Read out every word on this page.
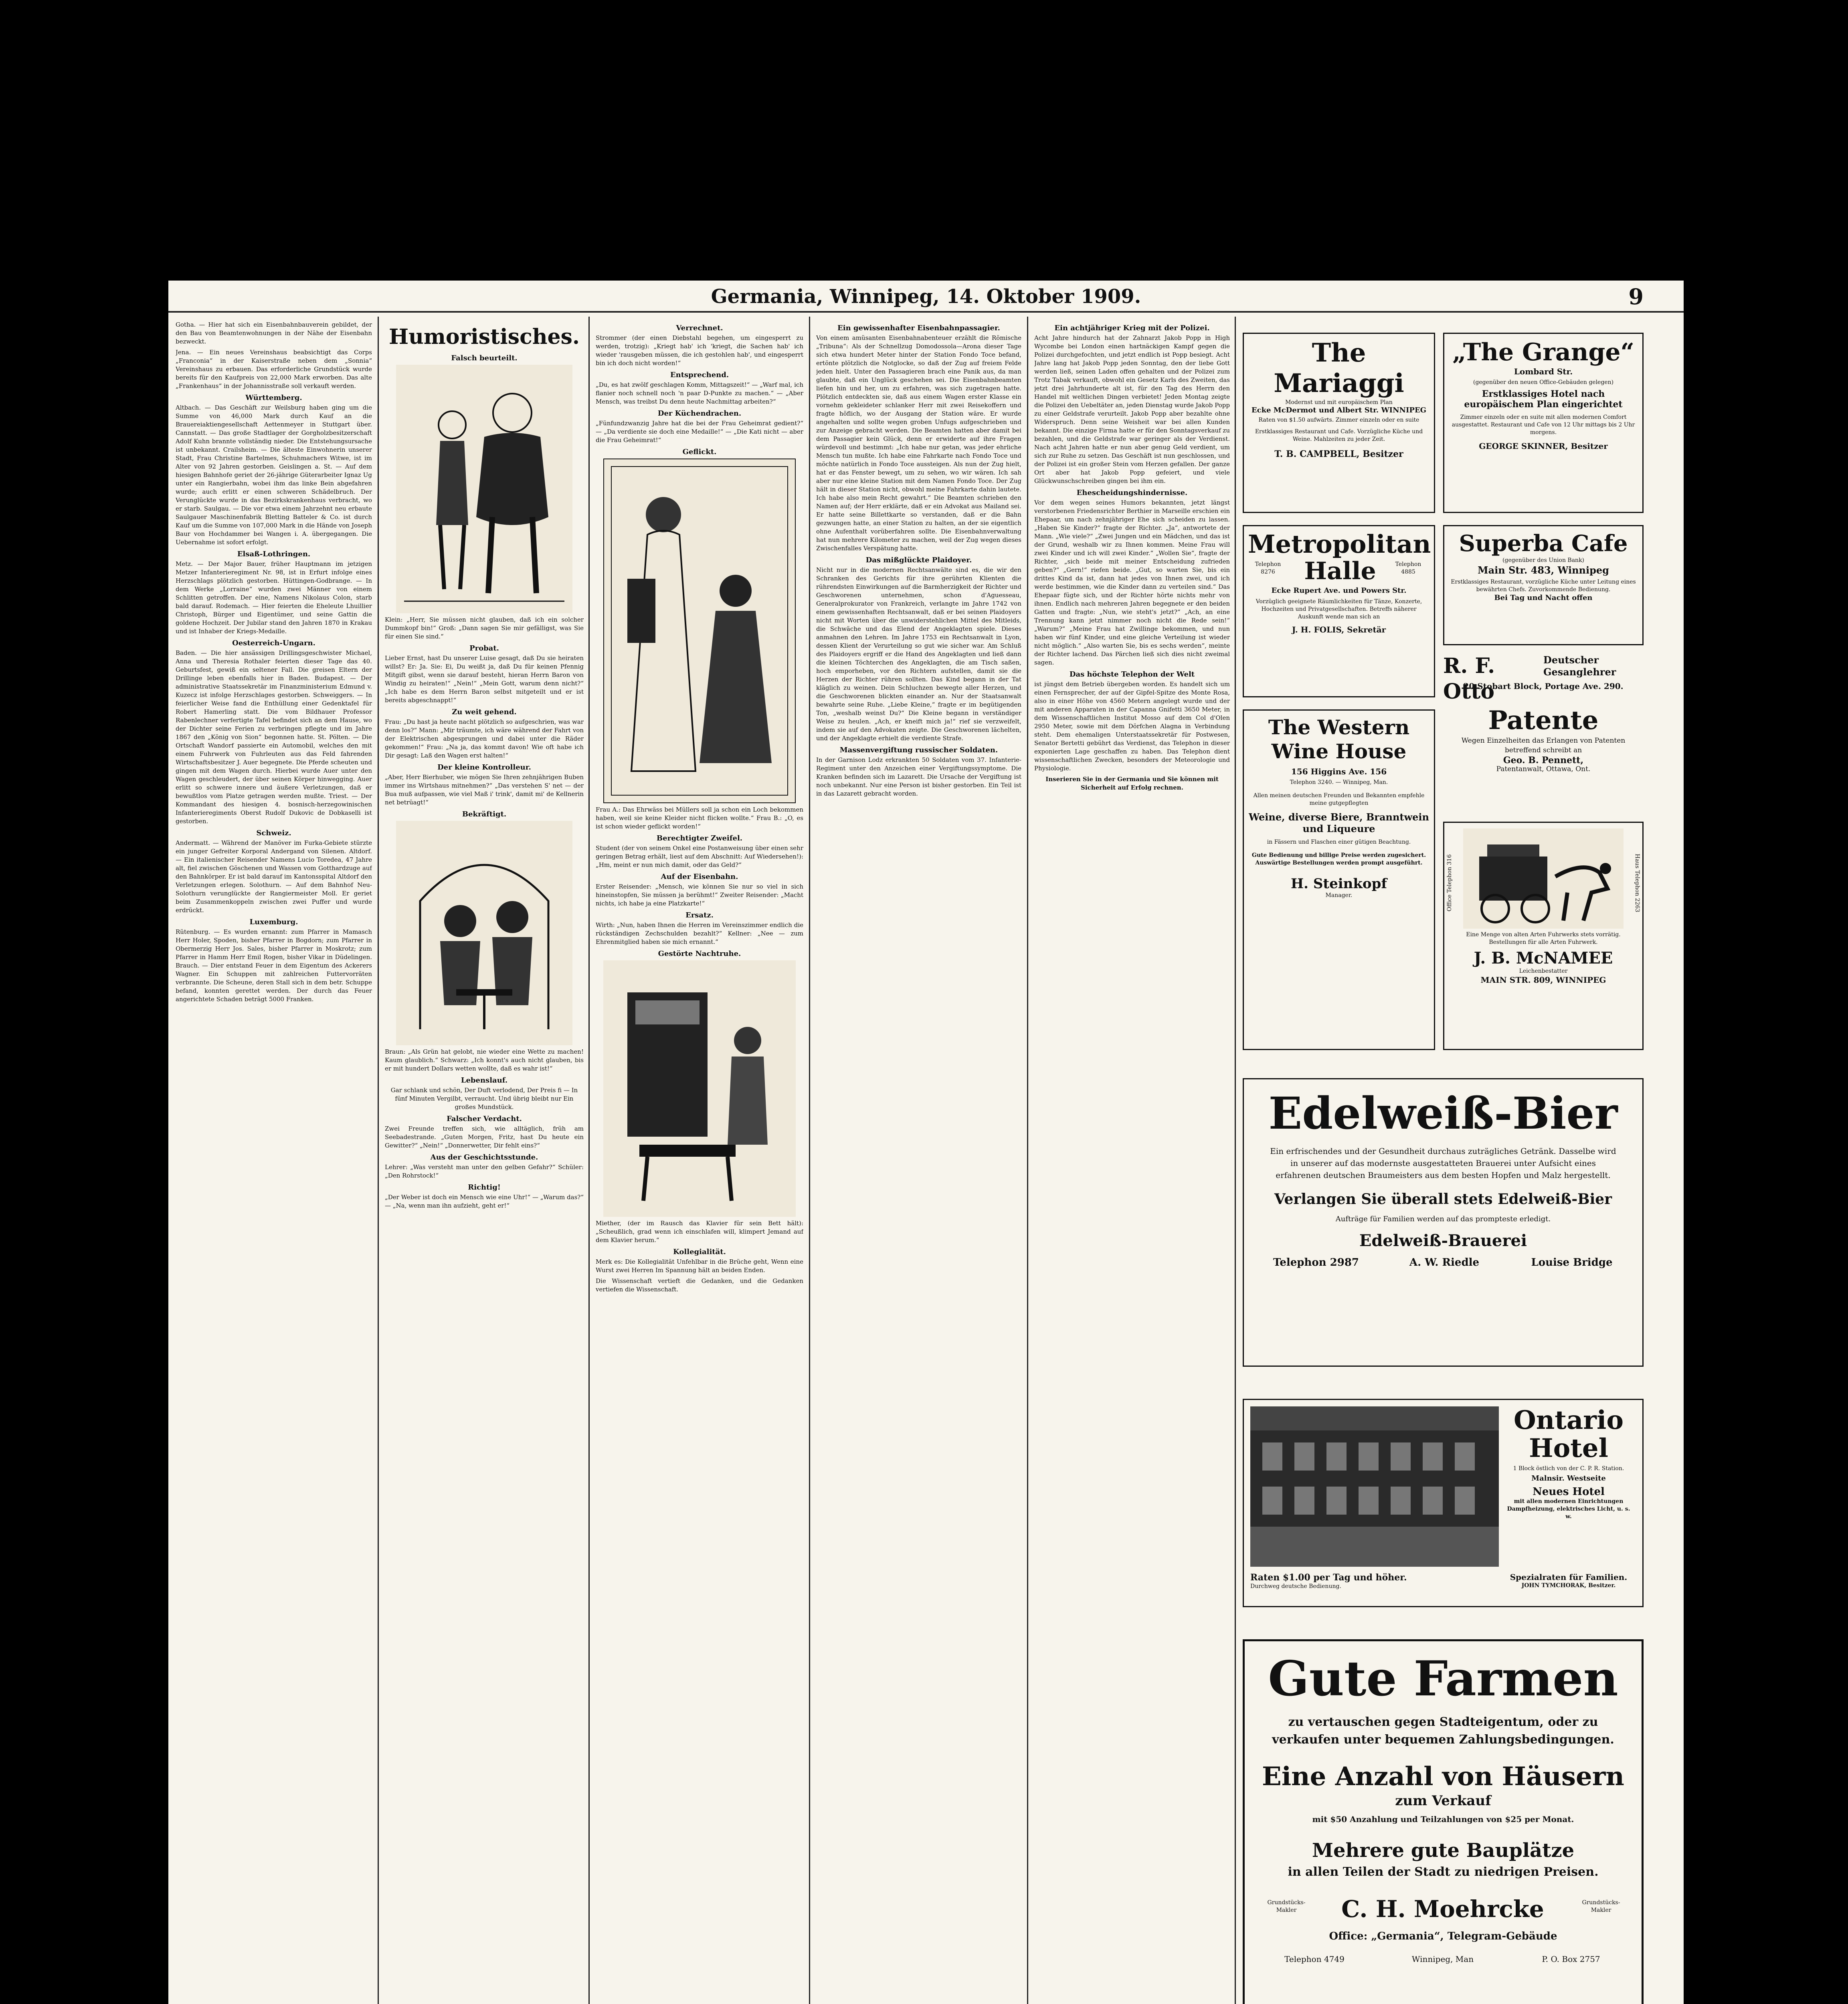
Germania, Winnipeg, 14. Oktober 1909.	9

Gotha. — Hier hat sich ein Eisenbahnbauverein gebildet, der den Bau von Beamtenwohnungen in der Nähe der Eisenbahn bezweckt.

Jena. — Ein neues Vereinshaus beabsichtigt das Corps „Franconia“ in der Kaiserstraße neben dem „Sonnia“ Vereinshaus zu erbauen. Das erforderliche Grundstück wurde bereits für den Kaufpreis von 22,000 Mark erworben. Das alte „Frankenhaus“ in der Johannisstraße soll verkauft werden.

Württemberg.

Altbach. — Das Geschäft zur Weilsburg haben ging um die Summe von 46,000 Mark durch Kauf an die Brauereiaktiengesellschaft Aettenmeyer in Stuttgart über. Cannstatt. — Das große Stadtlager der Gorgholzbesitzerschaft Adolf Kuhn brannte vollständig nieder. Die Entstehungsursache ist unbekannt. Crailsheim. — Die älteste Einwohnerin unserer Stadt, Frau Christine Bartelmes, Schuhmachers Witwe, ist im Alter von 92 Jahren gestorben. Geislingen a. St. — Auf dem hiesigen Bahnhofe geriet der 26-jährige Güterarbeiter Ignaz Ug unter ein Rangierbahn, wobei ihm das linke Bein abgefahren wurde; auch erlitt er einen schweren Schädelbruch. Der Verunglückte wurde in das Bezirkskrankenhaus verbracht, wo er starb. Saulgau. — Die vor etwa einem Jahrzehnt neu erbaute Saulgauer Maschinenfabrik Bletting Batteler & Co. ist durch Kauf um die Summe von 107,000 Mark in die Hände von Joseph Baur von Hochdammer bei Wangen i. A. übergegangen. Die Uebernahme ist sofort erfolgt.

Elsaß-Lothringen.

Metz. — Der Major Bauer, früher Hauptmann im jetzigen Metzer Infanterieregiment Nr. 98, ist in Erfurt infolge eines Herzschlags plötzlich gestorben. Hüttingen-Godbrange. — In dem Werke „Lorraine“ wurden zwei Männer von einem Schlitten getroffen. Der eine, Namens Nikolaus Colon, starb bald darauf. Rodemach. — Hier feierten die Eheleute Lhuillier Christoph, Bürger und Eigentümer, und seine Gattin die goldene Hochzeit. Der Jubilar stand den Jahren 1870 in Krakau und ist Inhaber der Kriegs-Medaille.

Oesterreich-Ungarn.

Baden. — Die hier ansässigen Drillingsgeschwister Michael, Anna und Theresia Rothaler feierten dieser Tage das 40. Geburtsfest, gewiß ein seltener Fall. Die greisen Eltern der Drillinge leben ebenfalls hier in Baden. Budapest. — Der administrative Staatssekretär im Finanzministerium Edmund v. Kuzecz ist infolge Herzschlages gestorben. Schweiggers. — In feierlicher Weise fand die Enthüllung einer Gedenktafel für Robert Hamerling statt. Die vom Bildhauer Professor Rabenlechner verfertigte Tafel befindet sich an dem Hause, wo der Dichter seine Ferien zu verbringen pflegte und im Jahre 1867 den „König von Sion“ begonnen hatte. St. Pölten. — Die Ortschaft Wandorf passierte ein Automobil, welches den mit einem Fuhrwerk von Fuhrleuten aus das Feld fahrenden Wirtschaftsbesitzer J. Auer begegnete. Die Pferde scheuten und gingen mit dem Wagen durch. Hierbei wurde Auer unter den Wagen geschleudert, der über seinen Körper hinwegging. Auer erlitt so schwere innere und äußere Verletzungen, daß er bewußtlos vom Platze getragen werden mußte. Triest. — Der Kommandant des hiesigen 4. bosnisch-herzegowinischen Infanterieregiments Oberst Rudolf Dukovic de Dobkaselli ist gestorben.

Schweiz.

Andermatt. — Während der Manöver im Furka-Gebiete stürzte ein junger Gefreiter Korporal Andergand von Silenen. Altdorf. — Ein italienischer Reisender Namens Lucio Toredea, 47 Jahre alt, fiel zwischen Göschenen und Wassen vom Gotthardzuge auf den Bahnkörper. Er ist bald darauf im Kantonsspital Altdorf den Verletzungen erlegen. Solothurn. — Auf dem Bahnhof Neu-Solothurn verunglückte der Rangiermeister Moll. Er geriet beim Zusammenkoppeln zwischen zwei Puffer und wurde erdrückt.

Luxemburg.

Rütenburg. — Es wurden ernannt: zum Pfarrer in Mamasch Herr Holer, Spoden, bisher Pfarrer in Bogdorn; zum Pfarrer in Obermerzig Herr Jos. Sales, bisher Pfarrer in Moskrotz; zum Pfarrer in Hamm Herr Emil Rogen, bisher Vikar in Düdelingen. Brauch. — Dier entstand Feuer in dem Eigentum des Ackerers Wagner. Ein Schuppen mit zahlreichen Futtervorräten verbrannte. Die Scheune, deren Stall sich in dem betr. Schuppe befand, konnten gerettet werden. Der durch das Feuer angerichtete Schaden beträgt 5000 Franken.

Humoristisches.
Falsch beurteilt.

Klein: „Herr, Sie müssen nicht glauben, daß ich ein solcher Dummkopf bin!“ Groß: „Dann sagen Sie mir gefälligst, was Sie für einen Sie sind.“

Probat.

Lieber Ernst, hast Du unserer Luise gesagt, daß Du sie heiraten willst? Er: Ja. Sie: Ei, Du weißt ja, daß Du für keinen Pfennig Mitgift gibst, wenn sie darauf besteht, hieran Herrn Baron von Windig zu heiraten!“ „Nein!“ „Mein Gott, warum denn nicht?“ „Ich habe es dem Herrn Baron selbst mitgeteilt und er ist bereits abgeschnappt!“

Zu weit gehend.

Frau: „Du hast ja heute nacht plötzlich so aufgeschrien, was war denn los?“ Mann: „Mir träumte, ich wäre während der Fahrt von der Elektrischen abgesprungen und dabei unter die Räder gekommen!“ Frau: „Na ja, das kommt davon! Wie oft habe ich Dir gesagt: Laß den Wagen erst halten!“

Der kleine Kontrolleur.

„Aber, Herr Bierhuber, wie mögen Sie Ihren zehnjährigen Buben immer ins Wirtshaus mitnehmen?“ „Das verstehen S' net — der Bua muß aufpassen, wie viel Maß i' trink', damit mi' de Kellnerin net betrüagt!“

Bekräftigt.

Braun: „Als Grün hat gelobt, nie wieder eine Wette zu machen! Kaum glaublich.“ Schwarz: „Ich konnt's auch nicht glauben, bis er mit hundert Dollars wetten wollte, daß es wahr ist!“

Lebenslauf.

Gar schlank und schön, Der Duft verlodend, Der Preis fi — In fünf Minuten Vergilbt, verraucht. Und übrig bleibt nur Ein großes Mundstück.

Falscher Verdacht.

Zwei Freunde treffen sich, wie alltäglich, früh am Seebadestrande. „Guten Morgen, Fritz, hast Du heute ein Gewitter?“ „Nein!“ „Donnerwetter, Dir fehlt eins?“

Aus der Geschichtsstunde.

Lehrer: „Was versteht man unter den gelben Gefahr?“ Schüler: „Den Rohrstock!“

Richtig!

„Der Weber ist doch ein Mensch wie eine Uhr!“ — „Warum das?“ — „Na, wenn man ihn aufzieht, geht er!“

Verrechnet.

Strommer (der einen Diebstahl begehen, um eingesperrt zu werden, trotzig): „Kriegt hab' ich 'kriegt, die Sachen hab' ich wieder 'rausgeben müssen, die ich gestohlen hab', und eingesperrt bin ich doch nicht worden!“

Entsprechend.

„Du, es hat zwölf geschlagen Komm, Mittagszeit!“ — „Warf mal, ich flanier noch schnell noch 'n paar D-Punkte zu machen.“ — „Aber Mensch, was treibst Du denn heute Nachmittag arbeiten?“

Der Küchendrachen.

„Fünfundzwanzig Jahre hat die bei der Frau Geheimrat gedient?“ — „Da verdiente sie doch eine Medaille!“ — „Die Kati nicht — aber die Frau Geheimrat!“

Geflickt.

Frau A.: Das Ehrwäss bei Müllers soll ja schon ein Loch bekommen haben, weil sie keine Kleider nicht flicken wollte.“ Frau B.: „O, es ist schon wieder geflickt worden!“

Berechtigter Zweifel.

Student (der von seinem Onkel eine Postanweisung über einen sehr geringen Betrag erhält, liest auf dem Abschnitt: Auf Wiedersehen!): „Hm, meint er nun mich damit, oder das Geld?“

Auf der Eisenbahn.

Erster Reisender: „Mensch, wie können Sie nur so viel in sich hineinstopfen, Sie müssen ja berühmt!“ Zweiter Reisender: „Macht nichts, ich habe ja eine Platzkarte!“

Ersatz.

Wirth: „Nun, haben Ihnen die Herren im Vereinszimmer endlich die rückständigen Zechschulden bezahlt?“ Kellner: „Nee — zum Ehrenmitglied haben sie mich ernannt.“

Gestörte Nachtruhe.

Miether, (der im Rausch das Klavier für sein Bett hält): „Scheußlich, grad wenn ich einschlafen will, klimpert Jemand auf dem Klavier herum.“

Kollegialität.

Merk es: Die Kollegialität Unfehlbar in die Brüche geht, Wenn eine Wurst zwei Herren Im Spannung hält an beiden Enden.

Die Wissenschaft vertieft die Gedanken, und die Gedanken vertiefen die Wissenschaft.

Ein gewissenhafter Eisenbahnpassagier.

Von einem amüsanten Eisenbahnabenteuer erzählt die Römische „Tribuna“: Als der Schnellzug Domodossola—Arona dieser Tage sich etwa hundert Meter hinter der Station Fondo Toce befand, ertönte plötzlich die Notglocke, so daß der Zug auf freiem Felde jeden hielt. Unter den Passagieren brach eine Panik aus, da man glaubte, daß ein Unglück geschehen sei. Die Eisenbahnbeamten liefen hin und her, um zu erfahren, was sich zugetragen hatte. Plötzlich entdeckten sie, daß aus einem Wagen erster Klasse ein vornehm gekleideter schlanker Herr mit zwei Reisekoffern und fragte höflich, wo der Ausgang der Station wäre. Er wurde angehalten und sollte wegen groben Unfugs aufgeschrieben und zur Anzeige gebracht werden. Die Beamten hatten aber damit bei dem Passagier kein Glück, denn er erwiderte auf ihre Fragen würdevoll und bestimmt: „Ich habe nur getan, was jeder ehrliche Mensch tun mußte. Ich habe eine Fahrkarte nach Fondo Toce und möchte natürlich in Fondo Toce aussteigen. Als nun der Zug hielt, hat er das Fenster bewegt, um zu sehen, wo wir wären. Ich sah aber nur eine kleine Station mit dem Namen Fondo Toce. Der Zug hält in dieser Station nicht, obwohl meine Fahrkarte dahin lautete. Ich habe also mein Recht gewahrt.“ Die Beamten schrieben den Namen auf; der Herr erklärte, daß er ein Advokat aus Mailand sei. Er hatte seine Billettkarte so verstanden, daß er die Bahn gezwungen hatte, an einer Station zu halten, an der sie eigentlich ohne Aufenthalt vorüberfahren sollte. Die Eisenbahnverwaltung hat nun mehrere Kilometer zu machen, weil der Zug wegen dieses Zwischenfalles Verspätung hatte.

Das mißglückte Plaidoyer.

Nicht nur in die modernen Rechtsanwälte sind es, die wir den Schranken des Gerichts für ihre gerührten Klienten die rührendsten Einwirkungen auf die Barmherzigkeit der Richter und Geschworenen unternehmen, schon d'Aguesseau, Generalprokurator von Frankreich, verlangte im Jahre 1742 von einem gewissenhaften Rechtsanwalt, daß er bei seinen Plaidoyers nicht mit Worten über die unwiderstehlichen Mittel des Mitleids, die Schwäche und das Elend der Angeklagten spiele. Dieses anmahnen den Lehren. Im Jahre 1753 ein Rechtsanwalt in Lyon, dessen Klient der Verurteilung so gut wie sicher war. Am Schluß des Plaidoyers ergriff er die Hand des Angeklagten und ließ dann die kleinen Töchterchen des Angeklagten, die am Tisch saßen, hoch emporheben, vor den Richtern aufstellen, damit sie die Herzen der Richter rühren sollten. Das Kind begann in der Tat kläglich zu weinen. Dein Schluchzen bewegte aller Herzen, und die Geschworenen blickten einander an. Nur der Staatsanwalt bewahrte seine Ruhe. „Liebe Kleine,“ fragte er im begütigenden Ton, „weshalb weinst Du?“ Die Kleine begann in verständiger Weise zu heulen. „Ach, er kneift mich ja!“ rief sie verzweifelt, indem sie auf den Advokaten zeigte. Die Geschworenen lächelten, und der Angeklagte erhielt die verdiente Strafe.

Massenvergiftung russischer Soldaten.

In der Garnison Lodz erkrankten 50 Soldaten vom 37. Infanterie-Regiment unter den Anzeichen einer Vergiftungssymptome. Die Kranken befinden sich im Lazarett. Die Ursache der Vergiftung ist noch unbekannt. Nur eine Person ist bisher gestorben. Ein Teil ist in das Lazarett gebracht worden.

Ein achtjähriger Krieg mit der Polizei.

Acht Jahre hindurch hat der Zahnarzt Jakob Popp in High Wycombe bei London einen hartnäckigen Kampf gegen die Polizei durchgefochten, und jetzt endlich ist Popp besiegt. Acht Jahre lang hat Jakob Popp jeden Sonntag, den der liebe Gott werden ließ, seinen Laden offen gehalten und der Polizei zum Trotz Tabak verkauft, obwohl ein Gesetz Karls des Zweiten, das jetzt drei Jahrhunderte alt ist, für den Tag des Herrn den Handel mit weltlichen Dingen verbietet! Jeden Montag zeigte die Polizei den Uebeltäter an, jeden Dienstag wurde Jakob Popp zu einer Geldstrafe verurteilt. Jakob Popp aber bezahlte ohne Widerspruch. Denn seine Weisheit war bei allen Kunden bekannt. Die einzige Firma hatte er für den Sonntagsverkauf zu bezahlen, und die Geldstrafe war geringer als der Verdienst. Nach acht Jahren hatte er nun aber genug Geld verdient, um sich zur Ruhe zu setzen. Das Geschäft ist nun geschlossen, und der Polizei ist ein großer Stein vom Herzen gefallen. Der ganze Ort aber hat Jakob Popp gefeiert, und viele Glückwunschschreiben gingen bei ihm ein.

Ehescheidungshindernisse.

Vor dem wegen seines Humors bekannten, jetzt längst verstorbenen Friedensrichter Berthier in Marseille erschien ein Ehepaar, um nach zehnjähriger Ehe sich scheiden zu lassen. „Haben Sie Kinder?“ fragte der Richter. „Ja“, antwortete der Mann. „Wie viele?“ „Zwei Jungen und ein Mädchen, und das ist der Grund, weshalb wir zu Ihnen kommen. Meine Frau will zwei Kinder und ich will zwei Kinder.“ „Wollen Sie“, fragte der Richter, „sich beide mit meiner Entscheidung zufrieden geben?“ „Gern!“ riefen beide. „Gut, so warten Sie, bis ein drittes Kind da ist, dann hat jedes von Ihnen zwei, und ich werde bestimmen, wie die Kinder dann zu verteilen sind.“ Das Ehepaar fügte sich, und der Richter hörte nichts mehr von ihnen. Endlich nach mehreren Jahren begegnete er den beiden Gatten und fragte: „Nun, wie steht's jetzt?“ „Ach, an eine Trennung kann jetzt nimmer noch nicht die Rede sein!“ „Warum?“ „Meine Frau hat Zwillinge bekommen, und nun haben wir fünf Kinder, und eine gleiche Verteilung ist wieder nicht möglich.“ „Also warten Sie, bis es sechs werden“, meinte der Richter lachend. Das Pärchen ließ sich dies nicht zweimal sagen.

Das höchste Telephon der Welt

ist jüngst dem Betrieb übergeben worden. Es handelt sich um einen Fernsprecher, der auf der Gipfel-Spitze des Monte Rosa, also in einer Höhe von 4560 Metern angelegt wurde und der mit anderen Apparaten in der Capanna Gnifetti 3650 Meter, in dem Wissenschaftlichen Institut Mosso auf dem Col d'Olen 2950 Meter, sowie mit dem Dörfchen Alagna in Verbindung steht. Dem ehemaligen Unterstaatssekretär für Postwesen, Senator Bertetti gebührt das Verdienst, das Telephon in dieser exponierten Lage geschaffen zu haben. Das Telephon dient wissenschaftlichen Zwecken, besonders der Meteorologie und Physiologie.

Inserieren Sie in der Germania und Sie können mit Sicherheit auf Erfolg rechnen.

The Mariaggi
Modernst und mit europäischem Plan
Ecke McDermot und Albert Str. WINNIPEG
Raten von $1.50 aufwärts. Zimmer einzeln oder en suite
Erstklassiges Restaurant und Cafe. Vorzügliche Küche und Weine. Mahlzeiten zu jeder Zeit.
T. B. CAMPBELL, Besitzer
„The Grange“
Lombard Str.
(gegenüber den neuen Office-Gebäuden gelegen)
Erstklassiges Hotel nach europäischem Plan eingerichtet
Zimmer einzeln oder en suite mit allen modernen Comfort ausgestattet. Restaurant und Cafe von 12 Uhr mittags bis 2 Uhr morgens.
GEORGE SKINNER, Besitzer
Metropolitan
Telephon 8276	Halle	Telephon 4885
Ecke Rupert Ave. und Powers Str.
Vorzüglich geeignete Räumlichkeiten für Tänze, Konzerte, Hochzeiten und Privatgesellschaften. Betreffs näherer Auskunft wende man sich an
J. H. FOLIS, Sekretär
Superba Cafe
(gegenüber des Union Bank)
Main Str. 483, Winnipeg
Erstklassiges Restaurant, vorzügliche Küche unter Leitung eines bewährten Chefs. Zuvorkommende Bedienung.
Bei Tag und Nacht offen
R. F. Otto
Deutscher
Gesanglehrer
20 Stobart Block, Portage Ave. 290.
The Western
Wine House
156 Higgins Ave. 156
Telephon 3240. — Winnipeg, Man.
Allen meinen deutschen Freunden und Bekannten empfehle meine gutgepflegten
Weine, diverse Biere, Branntwein und Liqueure
in Fässern und Flaschen einer gütigen Beachtung.
Gute Bedienung und billige Preise werden zugesichert. Auswärtige Bestellungen werden prompt ausgeführt.
H. Steinkopf
Manager.
Patente
Wegen Einzelheiten das Erlangen von Patenten betreffend schreibt an
Geo. B. Pennett,
Patentanwalt, Ottawa, Ont.
Office Telephon 316	Haus Telephon 2263
Eine Menge von alten Arten Fuhrwerks stets vorrätig. Bestellungen für alle Arten Fuhrwerk.
J. B. McNAMEE
Leichenbestatter
MAIN STR. 809, WINNIPEG
Edelweiß-Bier
Ein erfrischendes und der Gesundheit durchaus zuträgliches Getränk. Dasselbe wird in unserer auf das modernste ausgestatteten Brauerei unter Aufsicht eines erfahrenen deutschen Braumeisters aus dem besten Hopfen und Malz hergestellt.
Verlangen Sie überall stets Edelweiß-Bier
Aufträge für Familien werden auf das prompteste erledigt.
Edelweiß-Brauerei
Telephon 2987	A. W. Riedle	Louise Bridge
Ontario
Hotel
1 Block östlich von der C. P. R. Station.
Malnsir. Westseite
Neues Hotel
mit allen modernen Einrichtungen
Dampfheizung, elektrisches Licht, u. s. w.
Raten $1.00 per Tag und höher.
Durchweg deutsche Bedienung.
Spezialraten für Familien.
JOHN TYMCHORAK, Besitzer.
Gute Farmen
zu vertauschen gegen Stadteigentum, oder zu verkaufen unter bequemen Zahlungsbedingungen.
Eine Anzahl von Häusern
zum Verkauf
mit $50 Anzahlung und Teilzahlungen von $25 per Monat.
Mehrere gute Bauplätze
in allen Teilen der Stadt zu niedrigen Preisen.
Grundstücks-Makler	C. H. Moehrcke	Grundstücks-Makler
Office: „Germania“, Telegram-Gebäude
Telephon 4749	Winnipeg, Man	P. O. Box 2757
